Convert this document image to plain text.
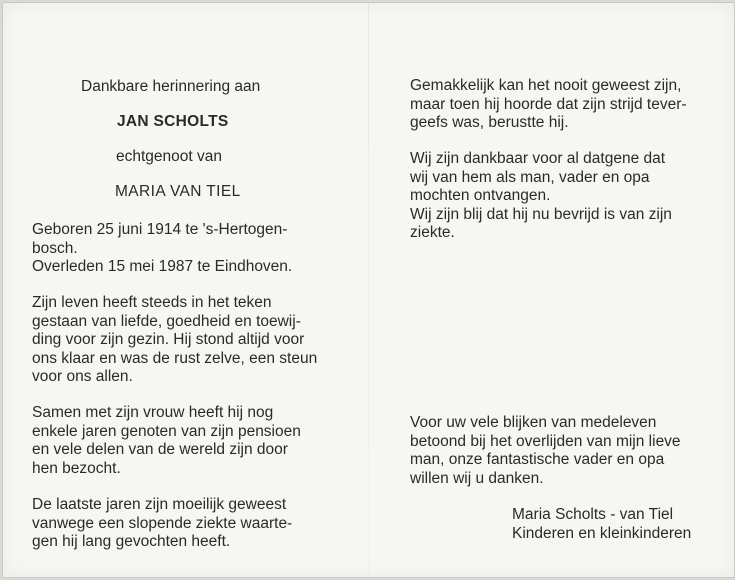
Dankbare herinnering aan
JAN SCHOLTS
echtgenoot van
MARIA VAN TIEL
Geboren 25 juni 1914 te 's-Hertogen-
bosch.
Overleden 15 mei 1987 te Eindhoven.
Zijn leven heeft steeds in het teken
gestaan van liefde, goedheid en toewij-
ding voor zijn gezin. Hij stond altijd voor
ons klaar en was de rust zelve, een steun
voor ons allen.
Samen met zijn vrouw heeft hij nog
enkele jaren genoten van zijn pensioen
en vele delen van de wereld zijn door
hen bezocht.
De laatste jaren zijn moeilijk geweest
vanwege een slopende ziekte waarte-
gen hij lang gevochten heeft.
Gemakkelijk kan het nooit geweest zijn,
maar toen hij hoorde dat zijn strijd tever-
geefs was, berustte hij.
Wij zijn dankbaar voor al datgene dat
wij van hem als man, vader en opa
mochten ontvangen.
Wij zijn blij dat hij nu bevrijd is van zijn
ziekte.
Voor uw vele blijken van medeleven
betoond bij het overlijden van mijn lieve
man, onze fantastische vader en opa
willen wij u danken.
Maria Scholts - van Tiel
Kinderen en kleinkinderen
